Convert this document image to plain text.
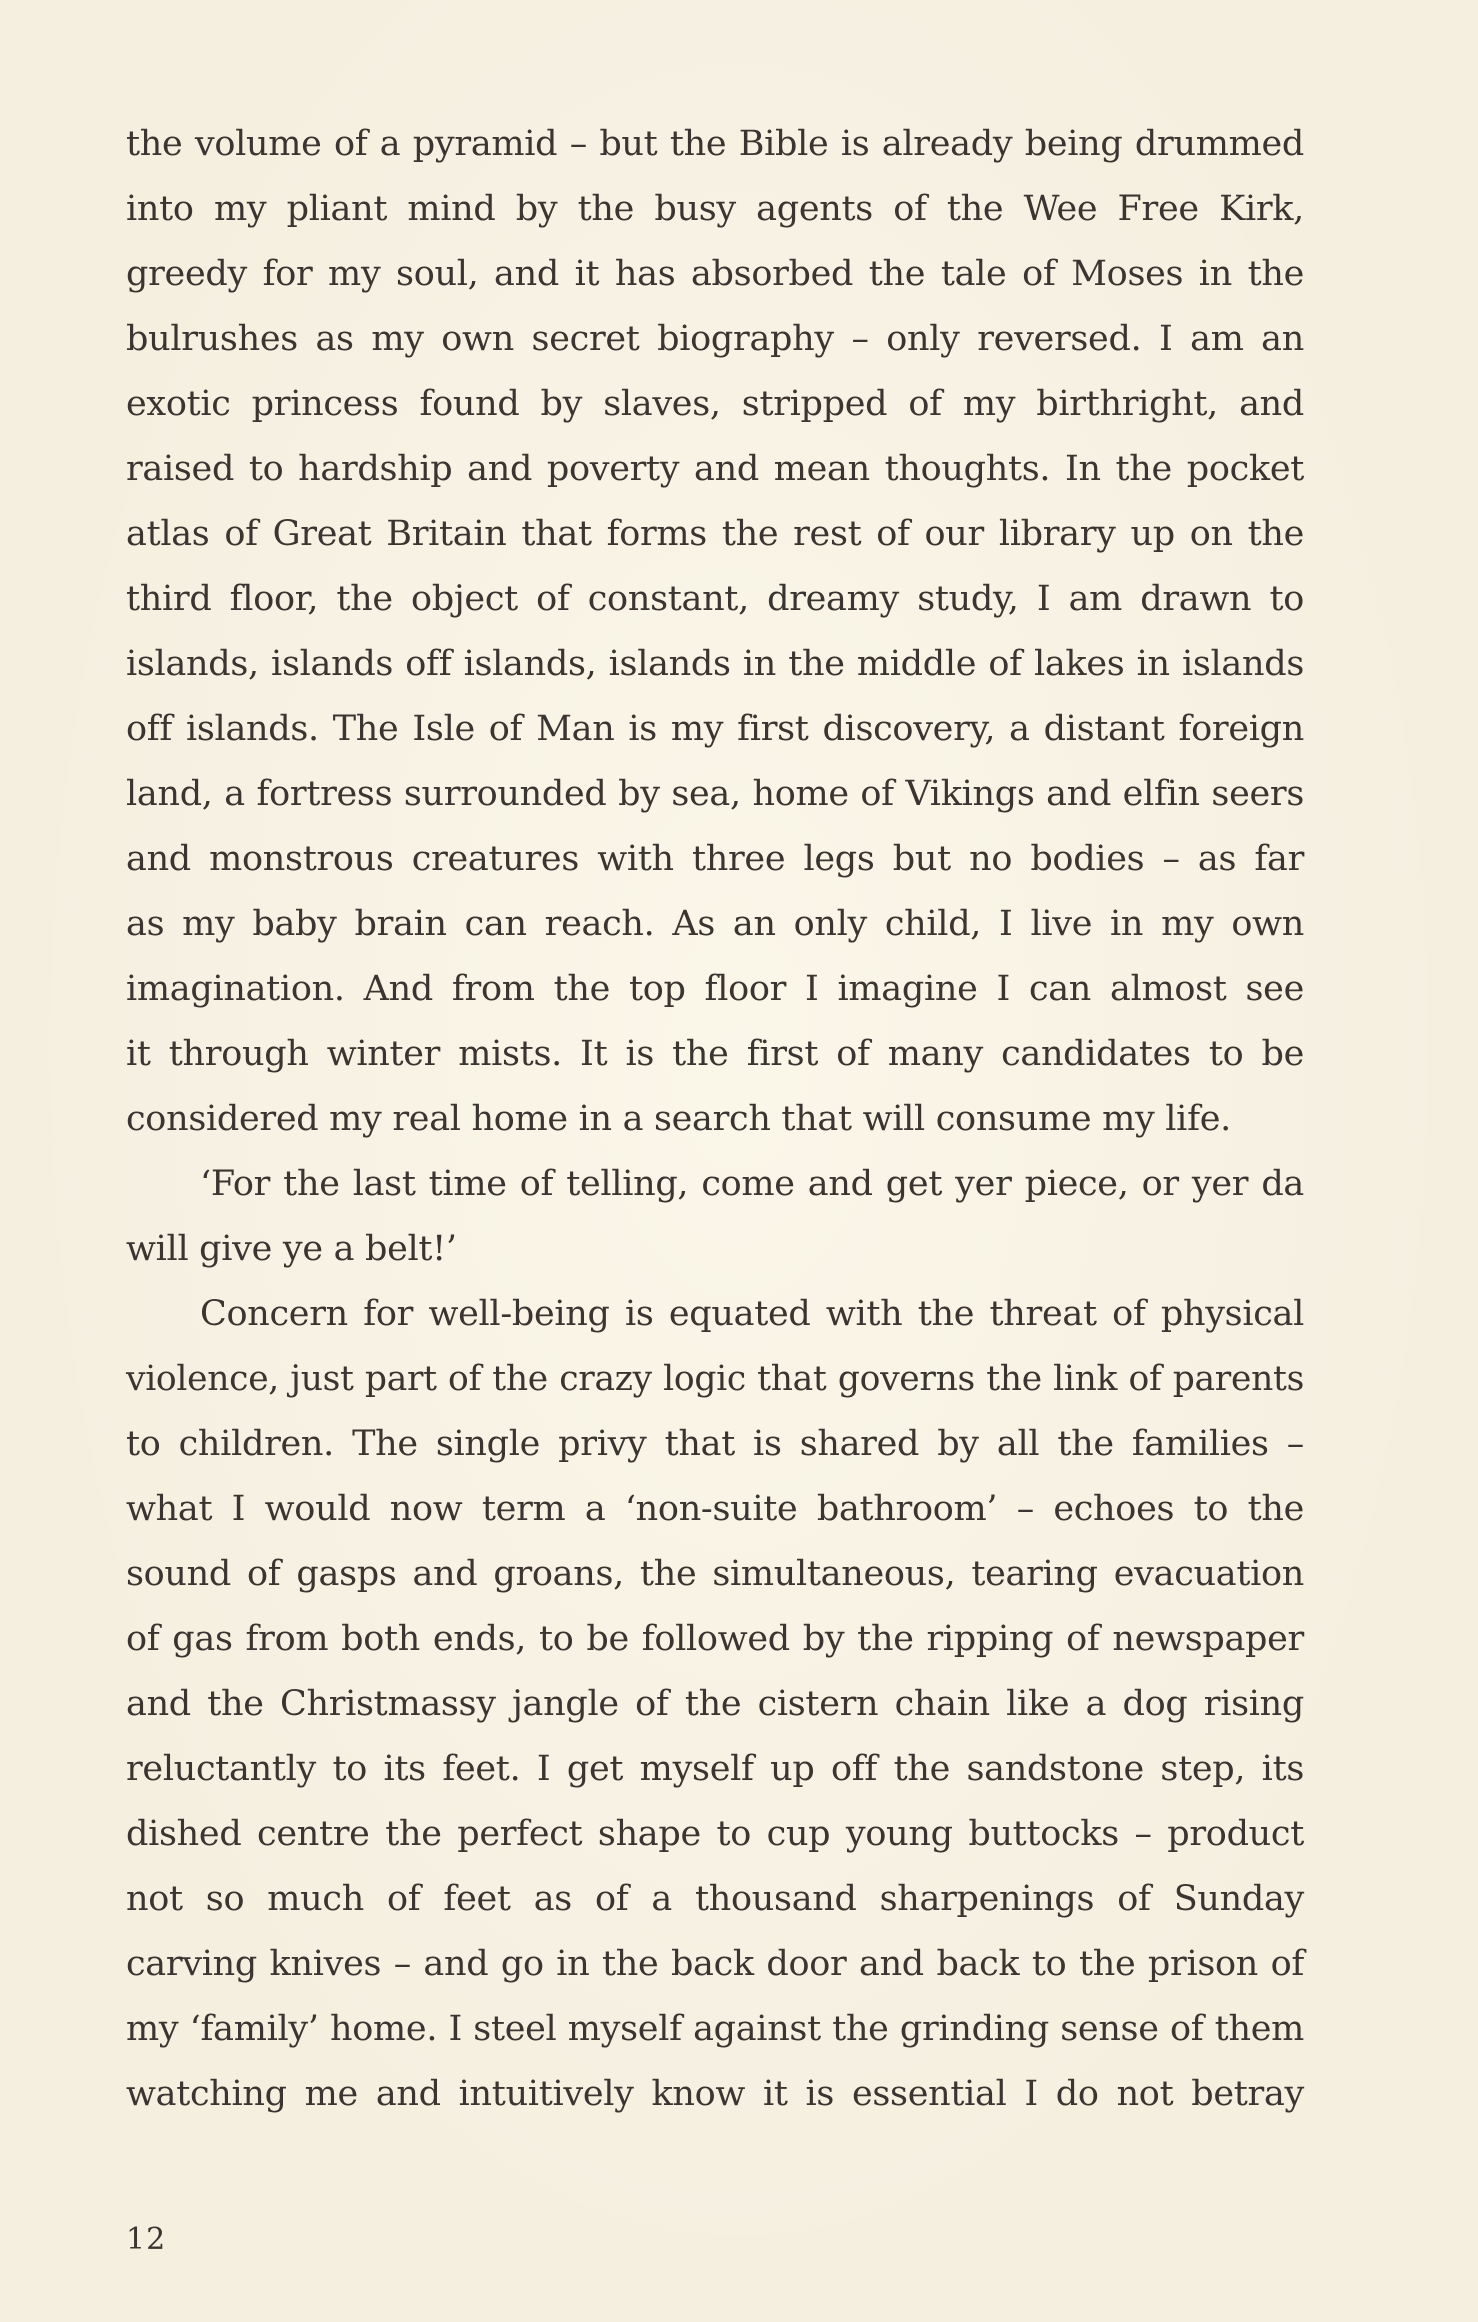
the volume of a pyramid – but the Bible is already being drummed
into my pliant mind by the busy agents of the Wee Free Kirk,
greedy for my soul, and it has absorbed the tale of Moses in the
bulrushes as my own secret biography – only reversed. I am an
exotic princess found by slaves, stripped of my birthright, and
raised to hardship and poverty and mean thoughts. In the pocket
atlas of Great Britain that forms the rest of our library up on the
third floor, the object of constant, dreamy study, I am drawn to
islands, islands off islands, islands in the middle of lakes in islands
off islands. The Isle of Man is my first discovery, a distant foreign
land, a fortress surrounded by sea, home of Vikings and elfin seers
and monstrous creatures with three legs but no bodies – as far
as my baby brain can reach. As an only child, I live in my own
imagination. And from the top floor I imagine I can almost see
it through winter mists. It is the first of many candidates to be
considered my real home in a search that will consume my life.
‘For the last time of telling, come and get yer piece, or yer da
will give ye a belt!’
Concern for well-being is equated with the threat of physical
violence, just part of the crazy logic that governs the link of parents
to children. The single privy that is shared by all the families –
what I would now term a ‘non-suite bathroom’ – echoes to the
sound of gasps and groans, the simultaneous, tearing evacuation
of gas from both ends, to be followed by the ripping of newspaper
and the Christmassy jangle of the cistern chain like a dog rising
reluctantly to its feet. I get myself up off the sandstone step, its
dished centre the perfect shape to cup young buttocks – product
not so much of feet as of a thousand sharpenings of Sunday
carving knives – and go in the back door and back to the prison of
my ‘family’ home. I steel myself against the grinding sense of them
watching me and intuitively know it is essential I do not betray
12
